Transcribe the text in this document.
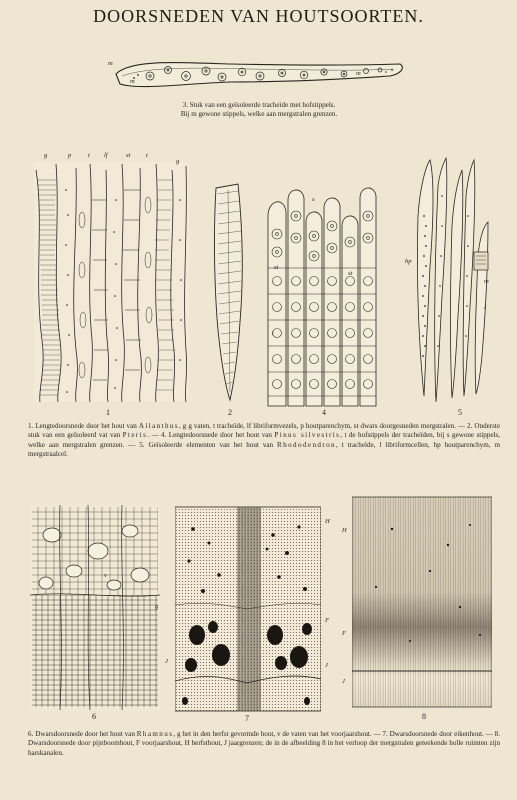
DOORSNEDEN VAN HOUTSOORTEN.
m
m
m
3. Stuk van een geïsoleerde tracheïde met hofstippels.
Bij m gewone stippels, welke aan mergstralen grenzen.
g	p	t lf	st t
g
1	2
s
st
t
st
4
hp
m
l
5
1. Lengtedoorsnede door het hout van Ailanthus, g g vaten, t tracheïde, lf libriformvezels, p houtparenchym, st dwars doorgesneden mergstralen. — 2. Onderste stuk van een geïsoleerd vat van Pteris. — 4. Lengtedoorsnede door het hout van Pinus silvestris, t de hofstippels der tracheïden, bij s gewone stippels, welke aan mergstralen grenzen. — 5. Geïsoleerde elementen van het hout van Rhododendron, t tracheïde, l libriformcellen, hp houtparenchym, m mergstraalcel.
v
g
6
H
F
J
J
7
H
F
J
8
6. Dwarsdoorsnede door het hout van Rhamnus, g het in den herfst gevormde hout, v de vaten van het voorjaarshout. — 7. Dwarsdoorsnede door eikenhout. — 8. Dwarsdoorsnede door pijnboomhout, F voorjaarshout, H herfsthout, J jaargrenzen; de in de afbeelding 8 in het verloop der mergstralen geteekende holle ruimten zijn harskanalen.
